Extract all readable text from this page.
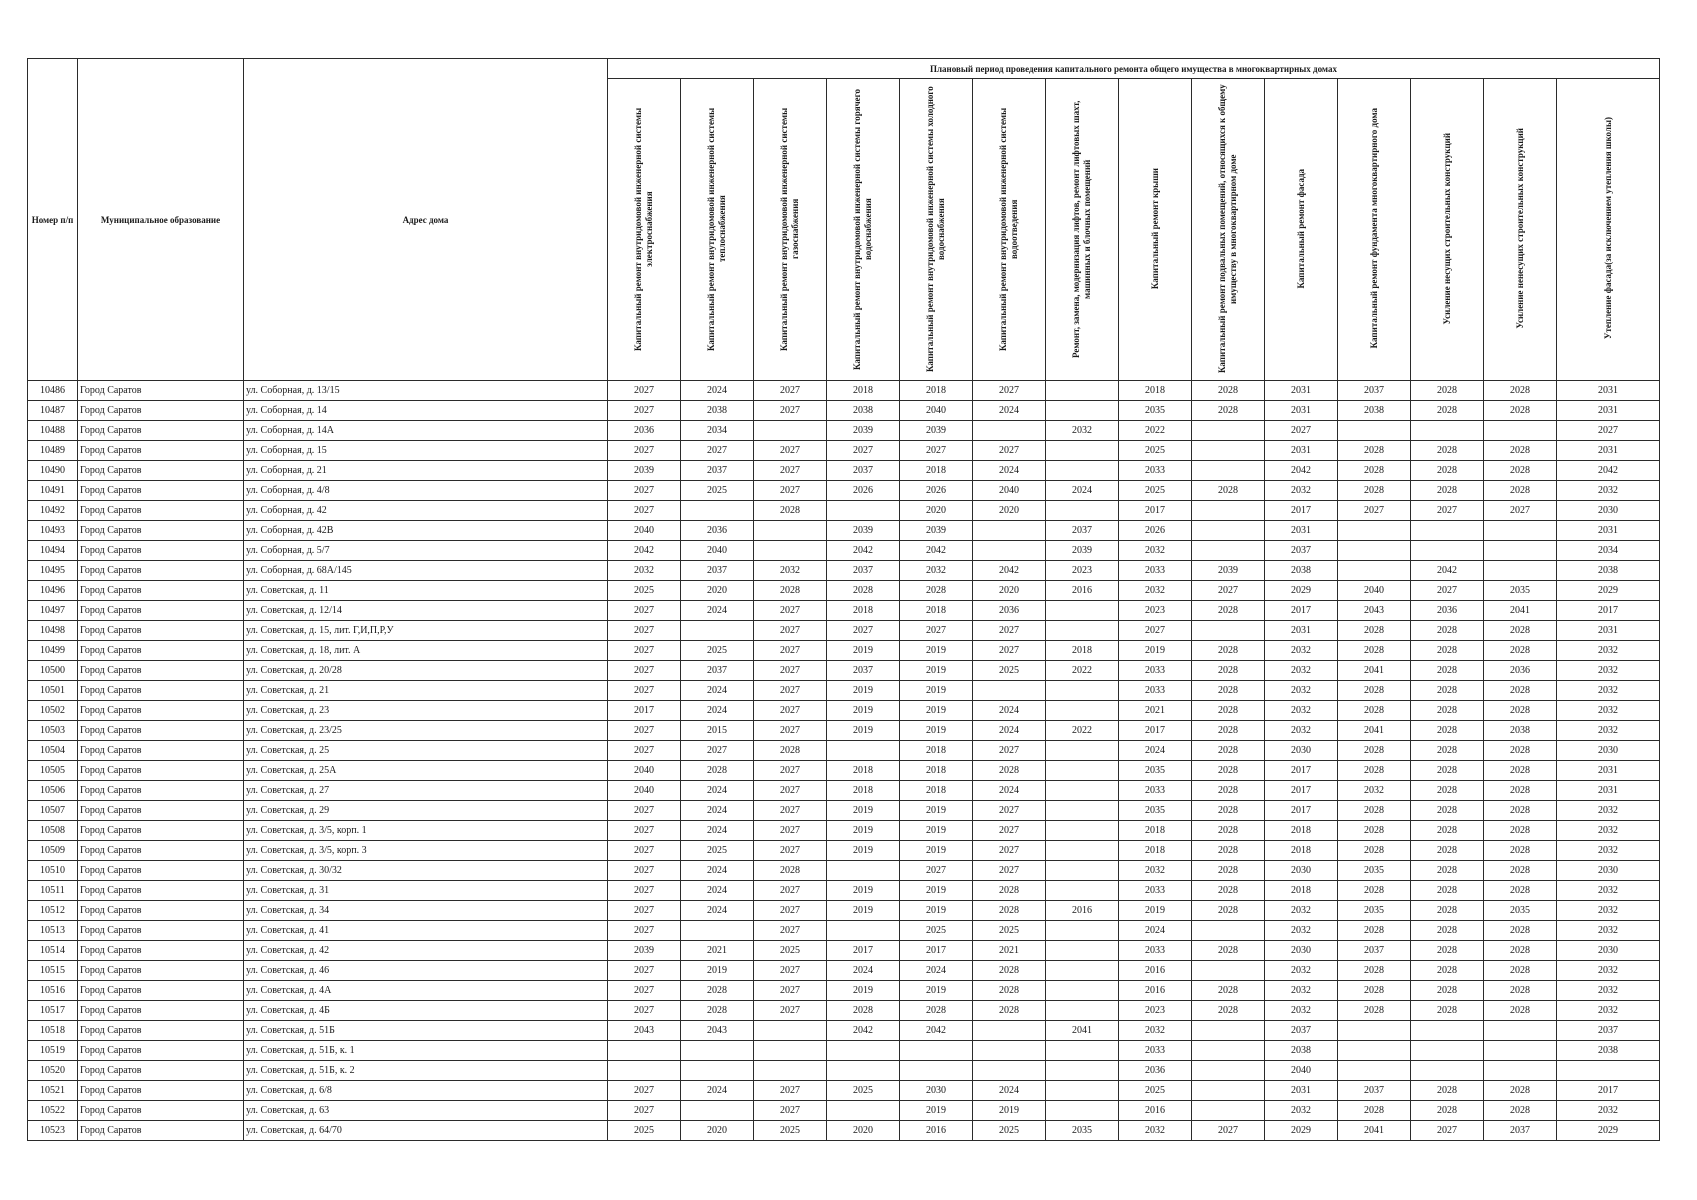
Номер п/п	Муниципальное образование	Адрес дома	Плановый период проведения капитального ремонта общего имущества в многоквартирных домах													
			Капитальный ремонт внутридомовой инженерной системы электроснабжения	Капитальный ремонт внутридомовой инженерной системы теплоснабжения	Капитальный ремонт внутридомовой инженерной системы газоснабжения	Капитальный ремонт внутридомовой инженерной системы горячего водоснабжения	Капитальный ремонт внутридомовой инженерной системы холодного водоснабжения	Капитальный ремонт внутридомовой инженерной системы водоотведения	Ремонт, замена, модернизация лифтов, ремонт лифтовых шахт, машинных и блочных помещений	Капитальный ремонт крыши	Капитальный ремонт подвальных помещений, относящихся к общему имуществу в многоквартирном доме	Капитальный ремонт фасада	Капитальный ремонт фундамента многоквартирного дома	Усиление несущих строительных конструкций	Усиление ненесущих строительных конструкций	Утепление фасада(за исключением утепления школы)
10486	Город Саратов	ул. Соборная, д. 13/15	2027	2024	2027	2018	2018	2027		2018	2028	2031	2037	2028	2028	2031
10487	Город Саратов	ул. Соборная, д. 14	2027	2038	2027	2038	2040	2024		2035	2028	2031	2038	2028	2028	2031
10488	Город Саратов	ул. Соборная, д. 14А	2036	2034		2039	2039		2032	2022		2027				2027
10489	Город Саратов	ул. Соборная, д. 15	2027	2027	2027	2027	2027	2027		2025		2031	2028	2028	2028	2031
10490	Город Саратов	ул. Соборная, д. 21	2039	2037	2027	2037	2018	2024		2033		2042	2028	2028	2028	2042
10491	Город Саратов	ул. Соборная, д. 4/8	2027	2025	2027	2026	2026	2040	2024	2025	2028	2032	2028	2028	2028	2032
10492	Город Саратов	ул. Соборная, д. 42	2027		2028		2020	2020		2017		2017	2027	2027	2027	2030
10493	Город Саратов	ул. Соборная, д. 42В	2040	2036		2039	2039		2037	2026		2031				2031
10494	Город Саратов	ул. Соборная, д. 5/7	2042	2040		2042	2042		2039	2032		2037				2034
10495	Город Саратов	ул. Соборная, д. 68А/145	2032	2037	2032	2037	2032	2042	2023	2033	2039	2038		2042		2038
10496	Город Саратов	ул. Советская, д. 11	2025	2020	2028	2028	2028	2020	2016	2032	2027	2029	2040	2027	2035	2029
10497	Город Саратов	ул. Советская, д. 12/14	2027	2024	2027	2018	2018	2036		2023	2028	2017	2043	2036	2041	2017
10498	Город Саратов	ул. Советская, д. 15, лит. Г,И,П,Р,У	2027		2027	2027	2027	2027		2027		2031	2028	2028	2028	2031
10499	Город Саратов	ул. Советская, д. 18, лит. А	2027	2025	2027	2019	2019	2027	2018	2019	2028	2032	2028	2028	2028	2032
10500	Город Саратов	ул. Советская, д. 20/28	2027	2037	2027	2037	2019	2025	2022	2033	2028	2032	2041	2028	2036	2032
10501	Город Саратов	ул. Советская, д. 21	2027	2024	2027	2019	2019			2033	2028	2032	2028	2028	2028	2032
10502	Город Саратов	ул. Советская, д. 23	2017	2024	2027	2019	2019	2024		2021	2028	2032	2028	2028	2028	2032
10503	Город Саратов	ул. Советская, д. 23/25	2027	2015	2027	2019	2019	2024	2022	2017	2028	2032	2041	2028	2038	2032
10504	Город Саратов	ул. Советская, д. 25	2027	2027	2028		2018	2027		2024	2028	2030	2028	2028	2028	2030
10505	Город Саратов	ул. Советская, д. 25А	2040	2028	2027	2018	2018	2028		2035	2028	2017	2028	2028	2028	2031
10506	Город Саратов	ул. Советская, д. 27	2040	2024	2027	2018	2018	2024		2033	2028	2017	2032	2028	2028	2031
10507	Город Саратов	ул. Советская, д. 29	2027	2024	2027	2019	2019	2027		2035	2028	2017	2028	2028	2028	2032
10508	Город Саратов	ул. Советская, д. 3/5, корп. 1	2027	2024	2027	2019	2019	2027		2018	2028	2018	2028	2028	2028	2032
10509	Город Саратов	ул. Советская, д. 3/5, корп. 3	2027	2025	2027	2019	2019	2027		2018	2028	2018	2028	2028	2028	2032
10510	Город Саратов	ул. Советская, д. 30/32	2027	2024	2028		2027	2027		2032	2028	2030	2035	2028	2028	2030
10511	Город Саратов	ул. Советская, д. 31	2027	2024	2027	2019	2019	2028		2033	2028	2018	2028	2028	2028	2032
10512	Город Саратов	ул. Советская, д. 34	2027	2024	2027	2019	2019	2028	2016	2019	2028	2032	2035	2028	2035	2032
10513	Город Саратов	ул. Советская, д. 41	2027		2027		2025	2025		2024		2032	2028	2028	2028	2032
10514	Город Саратов	ул. Советская, д. 42	2039	2021	2025	2017	2017	2021		2033	2028	2030	2037	2028	2028	2030
10515	Город Саратов	ул. Советская, д. 46	2027	2019	2027	2024	2024	2028		2016		2032	2028	2028	2028	2032
10516	Город Саратов	ул. Советская, д. 4А	2027	2028	2027	2019	2019	2028		2016	2028	2032	2028	2028	2028	2032
10517	Город Саратов	ул. Советская, д. 4Б	2027	2028	2027	2028	2028	2028		2023	2028	2032	2028	2028	2028	2032
10518	Город Саратов	ул. Советская, д. 51Б	2043	2043		2042	2042		2041	2032		2037				2037
10519	Город Саратов	ул. Советская, д. 51Б, к. 1								2033		2038				2038
10520	Город Саратов	ул. Советская, д. 51Б, к. 2								2036		2040				
10521	Город Саратов	ул. Советская, д. 6/8	2027	2024	2027	2025	2030	2024		2025		2031	2037	2028	2028	2017
10522	Город Саратов	ул. Советская, д. 63	2027		2027		2019	2019		2016		2032	2028	2028	2028	2032
10523	Город Саратов	ул. Советская, д. 64/70	2025	2020	2025	2020	2016	2025	2035	2032	2027	2029	2041	2027	2037	2029
